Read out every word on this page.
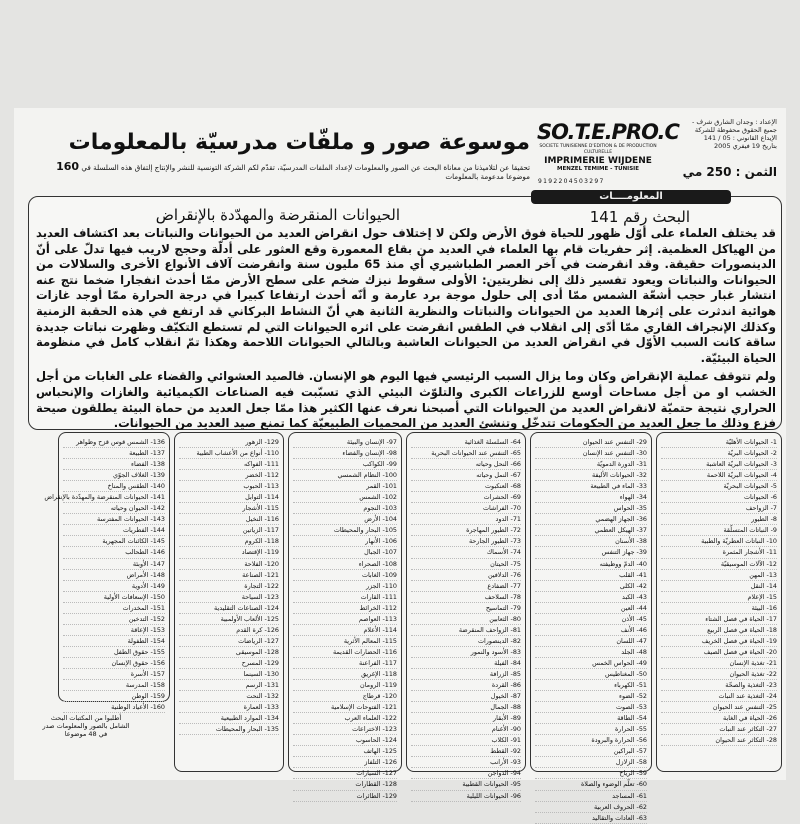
الإعداد : وجدان الشارق شرف -
جميع الحقوق محفوظة للشركة
الإيداع القانوني : 05 / 141
بتاريخ 19 فيفري 2005
SO.T.E.PRO.C
SOCIETE TUNISIENNE D'EDITION & DE PRODUCTION CULTURELLE
IMPRIMERIE WIJDENE
MENZEL TEMIME - TUNISIE	الثمن : 250 مي
9 1 9 2 2 0 4 5 0 3 2 9 7
موسوعة صور و ملفّات مدرسيّة بالمعلومات
تحقيقا عن لتلاميذنا من معاناة البحث عن الصور والمعلومات لإعداد الملفات المدرسيّة، تقدّم لكم الشركة التونسية للنشر والإنتاج إلتفاق هذه السلسلة في 160 موضوعا مدعومة بالمعلومات
المعلومــــات
البحث رقم 141
الحيوانات المنقرضة والمهدّدة بالإنقراض

قد يختلف العلماء على أوّل ظهور للحياة فوق الأرض ولكن لا إختلاف حول انقراض العديد من الحيوانات والنباتات بعد اكتشاف العديد من الهياكل العظمية. إثر حفريات قام بها العلماء في العديد من بقاع المعمورة وقع العثور على أدلّة وحجج لاريب فيها تدلّ على أنّ الدينصورات حقيقة. وقد انقرضت في آخر العصر الطباشيري أي منذ 65 مليون سنة وانقرضت آلاف الأنواع الأخرى والسلالات من الحيوانات والنباتات ويعود تفسير ذلك إلى نظريتين: الأولى سقوط نيزك ضخم على سطح الأرض ممّا أحدث انفجارا ضخما نتج عنه انتشار غبار حجب أشعّة الشمس ممّا أدى إلى حلول موجة برد عارمة و أنّه أحدث ارتفاعا كبيرا في درجة الحرارة ممّا أوجد غازات هوائية اندثرت على إثرها العديد من الحيوانات والنباتات والنظرية الثانية هي أنّ النشاط البركاني قد ارتفع في هذه الحقبة الزمنية وكذلك الإنجراف القاري ممّا أدّى إلى انقلاب في الطقس انقرضت على اثره الحيوانات التي لم تستطع التكيّف وظهرت نباتات جديدة ساقة كانت السبب الأوّل في انقراض العديد من الحيوانات العاشبة وبالتالي الحيوانات اللاحمة وهكذا تمّ انقلاب كامل في منظومة الحياة البيئيّة.

ولم تتوقف عملية الإنقراض وكان وما يزال السبب الرئيسي فيها اليوم هو الإنسان. فالصيد العشوائي والقضاء على الغابات من أجل الخشب او من أجل مساحات أوسع للزراعات الكبرى والتلوّث البيئي الذي تسبّبت فيه الصناعات الكيميائية والغازات والإنحباس الحراري نتيجة حتميّة لانقراض العديد من الحيوانات التي أصبحنا نعرف عنها الكثير هذا ممّا جعل العديد من حماة البيئة يطلقون صيحة فزع وذلك ما جعل العديد من الحكومات تتدخّل وتنشئ العديد من المحميات الطبيعيّة كما تمنع صيد العديد من الحيوانات.

1- الحيوانات الأهليّة
2- الحيوانات البريّة
3- الحيوانات البريّة العاشبة
4- الحيوانات البريّة اللاحمة
5- الحيوانات البحريّة
6- الحيوانات
7- الزواحف
8- الطيور
9- النباتات المتسلّقة
10- النباتات العطريّة والطبية
11- الأشجار المثمرة
12- الآلات الموسيقيّة
13- المهن
14- النقل
15- الإعلام
16- البيئة
17- الحياة في فصل الشتاء
18- الحياة في فصل الربيع
19- الحياة في فصل الخريف
20- الحياة في فصل الصيف
21- تغذية الإنسان
22- تغذية الحيوان
23- التغذية والصحّة
24- التغذية عند النبات
25- التنفس عند الحيوان
26- الحياة في الغابة
27- التكاثر عند النبات
28- التكاثر عند الحيوان
29- التنفس عند الحيوان
30- التنفس عند الإنسان
31- الدورة الدمويّة
32- الحيوانات الأليفة
33- الماء في الطبيعة
34- الهواء
35- الحواس
36- الجهاز الهضمي
37- الهيكل العظمي
38- الأسنان
39- جهاز التنفس
40- الدمّ ووظيفته
41- القلب
42- الكلى
43- الكبد
44- العين
45- الأذن
46- الأنف
47- اللسان
48- الجلد
49- الحواس الخمس
50- المغناطيس
51- الكهرباء
52- الضوء
53- الصوت
54- الطاقة
55- الحرارة
56- الحرارة والبرودة
57- البراكين
58- الزلازل
59- الرياح
60- تعلّم الوضوء والصلاة
61- المساجد
62- الحروف العربية
63- العادات والتقاليد
64- السلسلة الغذائية
65- التنفس عند الحيوانات البحرية
66- النحل وحياته
67- النمل وحياته
68- العنكبوت
69- الحشرات
70- الفراشات
71- الدود
72- الطيور المهاجرة
73- الطيور الجارحة
74- الأسماك
75- الحيتان
76- الدلافين
77- الضفادع
78- السلاحف
79- التماسيح
80- الثعابين
81- الزواحف المنقرضة
82- الدينصورات
83- الأسود والنمور
84- الفيلة
85- الزرافة
86- القردة
87- الخيول
88- الجمال
89- الأبقار
90- الأغنام
91- الكلاب
92- القطط
93- الأرانب
94- الدواجن
95- الحيوانات القطبية
96- الحيوانات الليلية
97- الإنسان والبيئة
98- الإنسان والفضاء
99- الكواكب
100- النظام الشمسي
101- القمر
102- الشمس
103- النجوم
104- الأرض
105- البحار والمحيطات
106- الأنهار
107- الجبال
108- الصحراء
109- الغابات
110- الجزر
111- القارات
112- الخرائط
113- العواصم
114- الأعلام
115- المعالم الأثرية
116- الحضارات القديمة
117- الفراعنة
118- الإغريق
119- الرومان
120- قرطاج
121- الفتوحات الإسلامية
122- العلماء العرب
123- الاختراعات
124- الحاسوب
125- الهاتف
126- التلفاز
127- السيارات
128- القطارات
129- الطائرات
129- الزهور
110- أنواع من الأعشاب الطبية
111- الفواكه
112- الخضر
113- الحبوب
114- التوابل
115- الأشجار
116- النخيل
117- الزياتين
118- الكروم
119- الإقتصاد
120- الفلاحة
121- الصناعة
122- التجارة
123- السياحة
124- الصناعات التقليدية
125- الألعاب الأولمبية
126- كرة القدم
127- الرياضات
128- الموسيقى
129- المسرح
130- السينما
131- الرسم
132- النحت
133- العمارة
134- الموارد الطبيعية
135- البحار والمحيطات
136- الشمس قوس قزح وظواهر
137- الطبيعة
138- الفضاء
139- الغلاف الجوّي
140- الطقس والمناخ
141- الحيوانات المنقرضة والمهدّدة بالإنقراض
142- الحيوان وحياته
143- الحيوانات المفترسة
144- الفطريات
145- الكائنات المجهرية
146- الطحالب
147- الأوبئة
148- الأمراض
149- الأدوية
150- الإسعافات الأولية
151- المخدرات
152- التدخين
153- الإعاقة
154- الطفولة
155- حقوق الطفل
156- حقوق الإنسان
157- الأسرة
158- المدرسة
159- الوطن
160- الأعياد الوطنية
أطلبوا من المكتبات البحث الشامل بالصور والمعلومات صدر في 48 موضوعا
